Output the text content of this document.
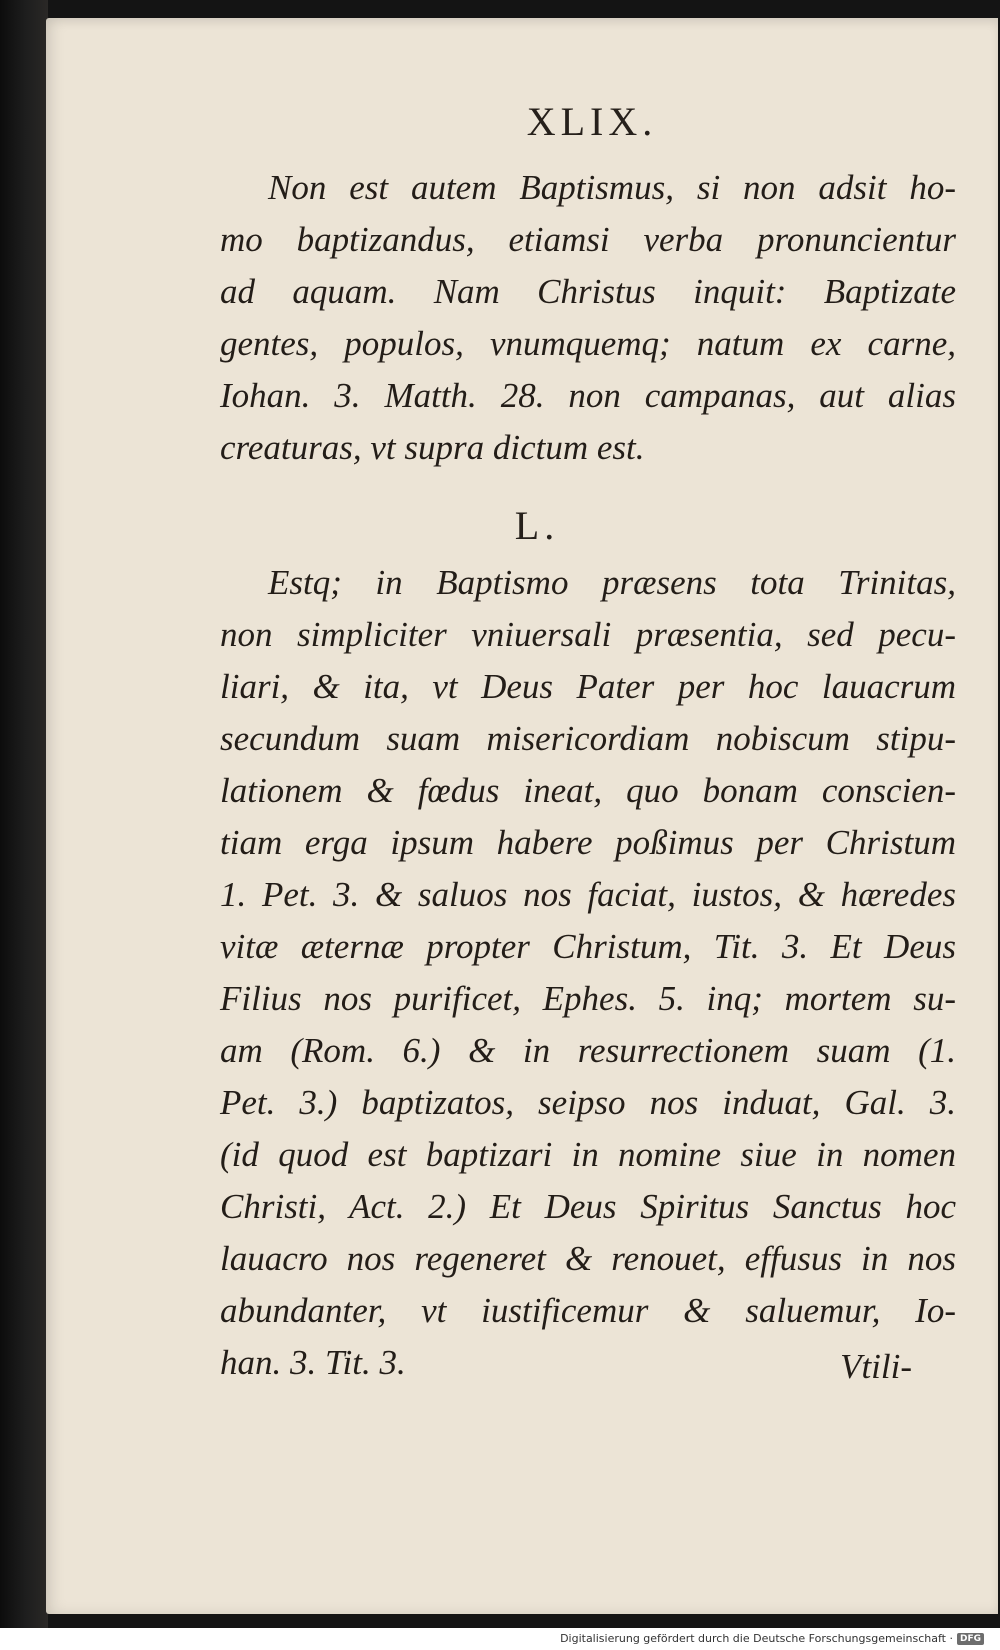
XLIX.

Non est autem Baptismus, si non adsit ho-

mo baptizandus, etiamsi verba pronuncientur

ad aquam. Nam Christus inquit: Baptizate

gentes, populos, vnumquemq; natum ex carne,

Iohan. 3. Matth. 28. non campanas, aut alias

creaturas, vt supra dictum est.

L.

Estq; in Baptismo præsens tota Trinitas,

non simpliciter vniuersali præsentia, sed pecu-

liari, & ita, vt Deus Pater per hoc lauacrum

secundum suam misericordiam nobiscum stipu-

lationem & fœdus ineat, quo bonam conscien-

tiam erga ipsum habere poßimus per Christum

1. Pet. 3. & saluos nos faciat, iustos, & hæredes

vitæ æternæ propter Christum, Tit. 3. Et Deus

Filius nos purificet, Ephes. 5. inq; mortem su-

am (Rom. 6.) & in resurrectionem suam (1.

Pet. 3.) baptizatos, seipso nos induat, Gal. 3.

(id quod est baptizari in nomine siue in nomen

Christi, Act. 2.) Et Deus Spiritus Sanctus hoc

lauacro nos regeneret & renouet, effusus in nos

abundanter, vt iustificemur & saluemur, Io-

han. 3. Tit. 3.	Vtili-
Digitalisierung gefördert durch die Deutsche Forschungsgemeinschaft · DFG
